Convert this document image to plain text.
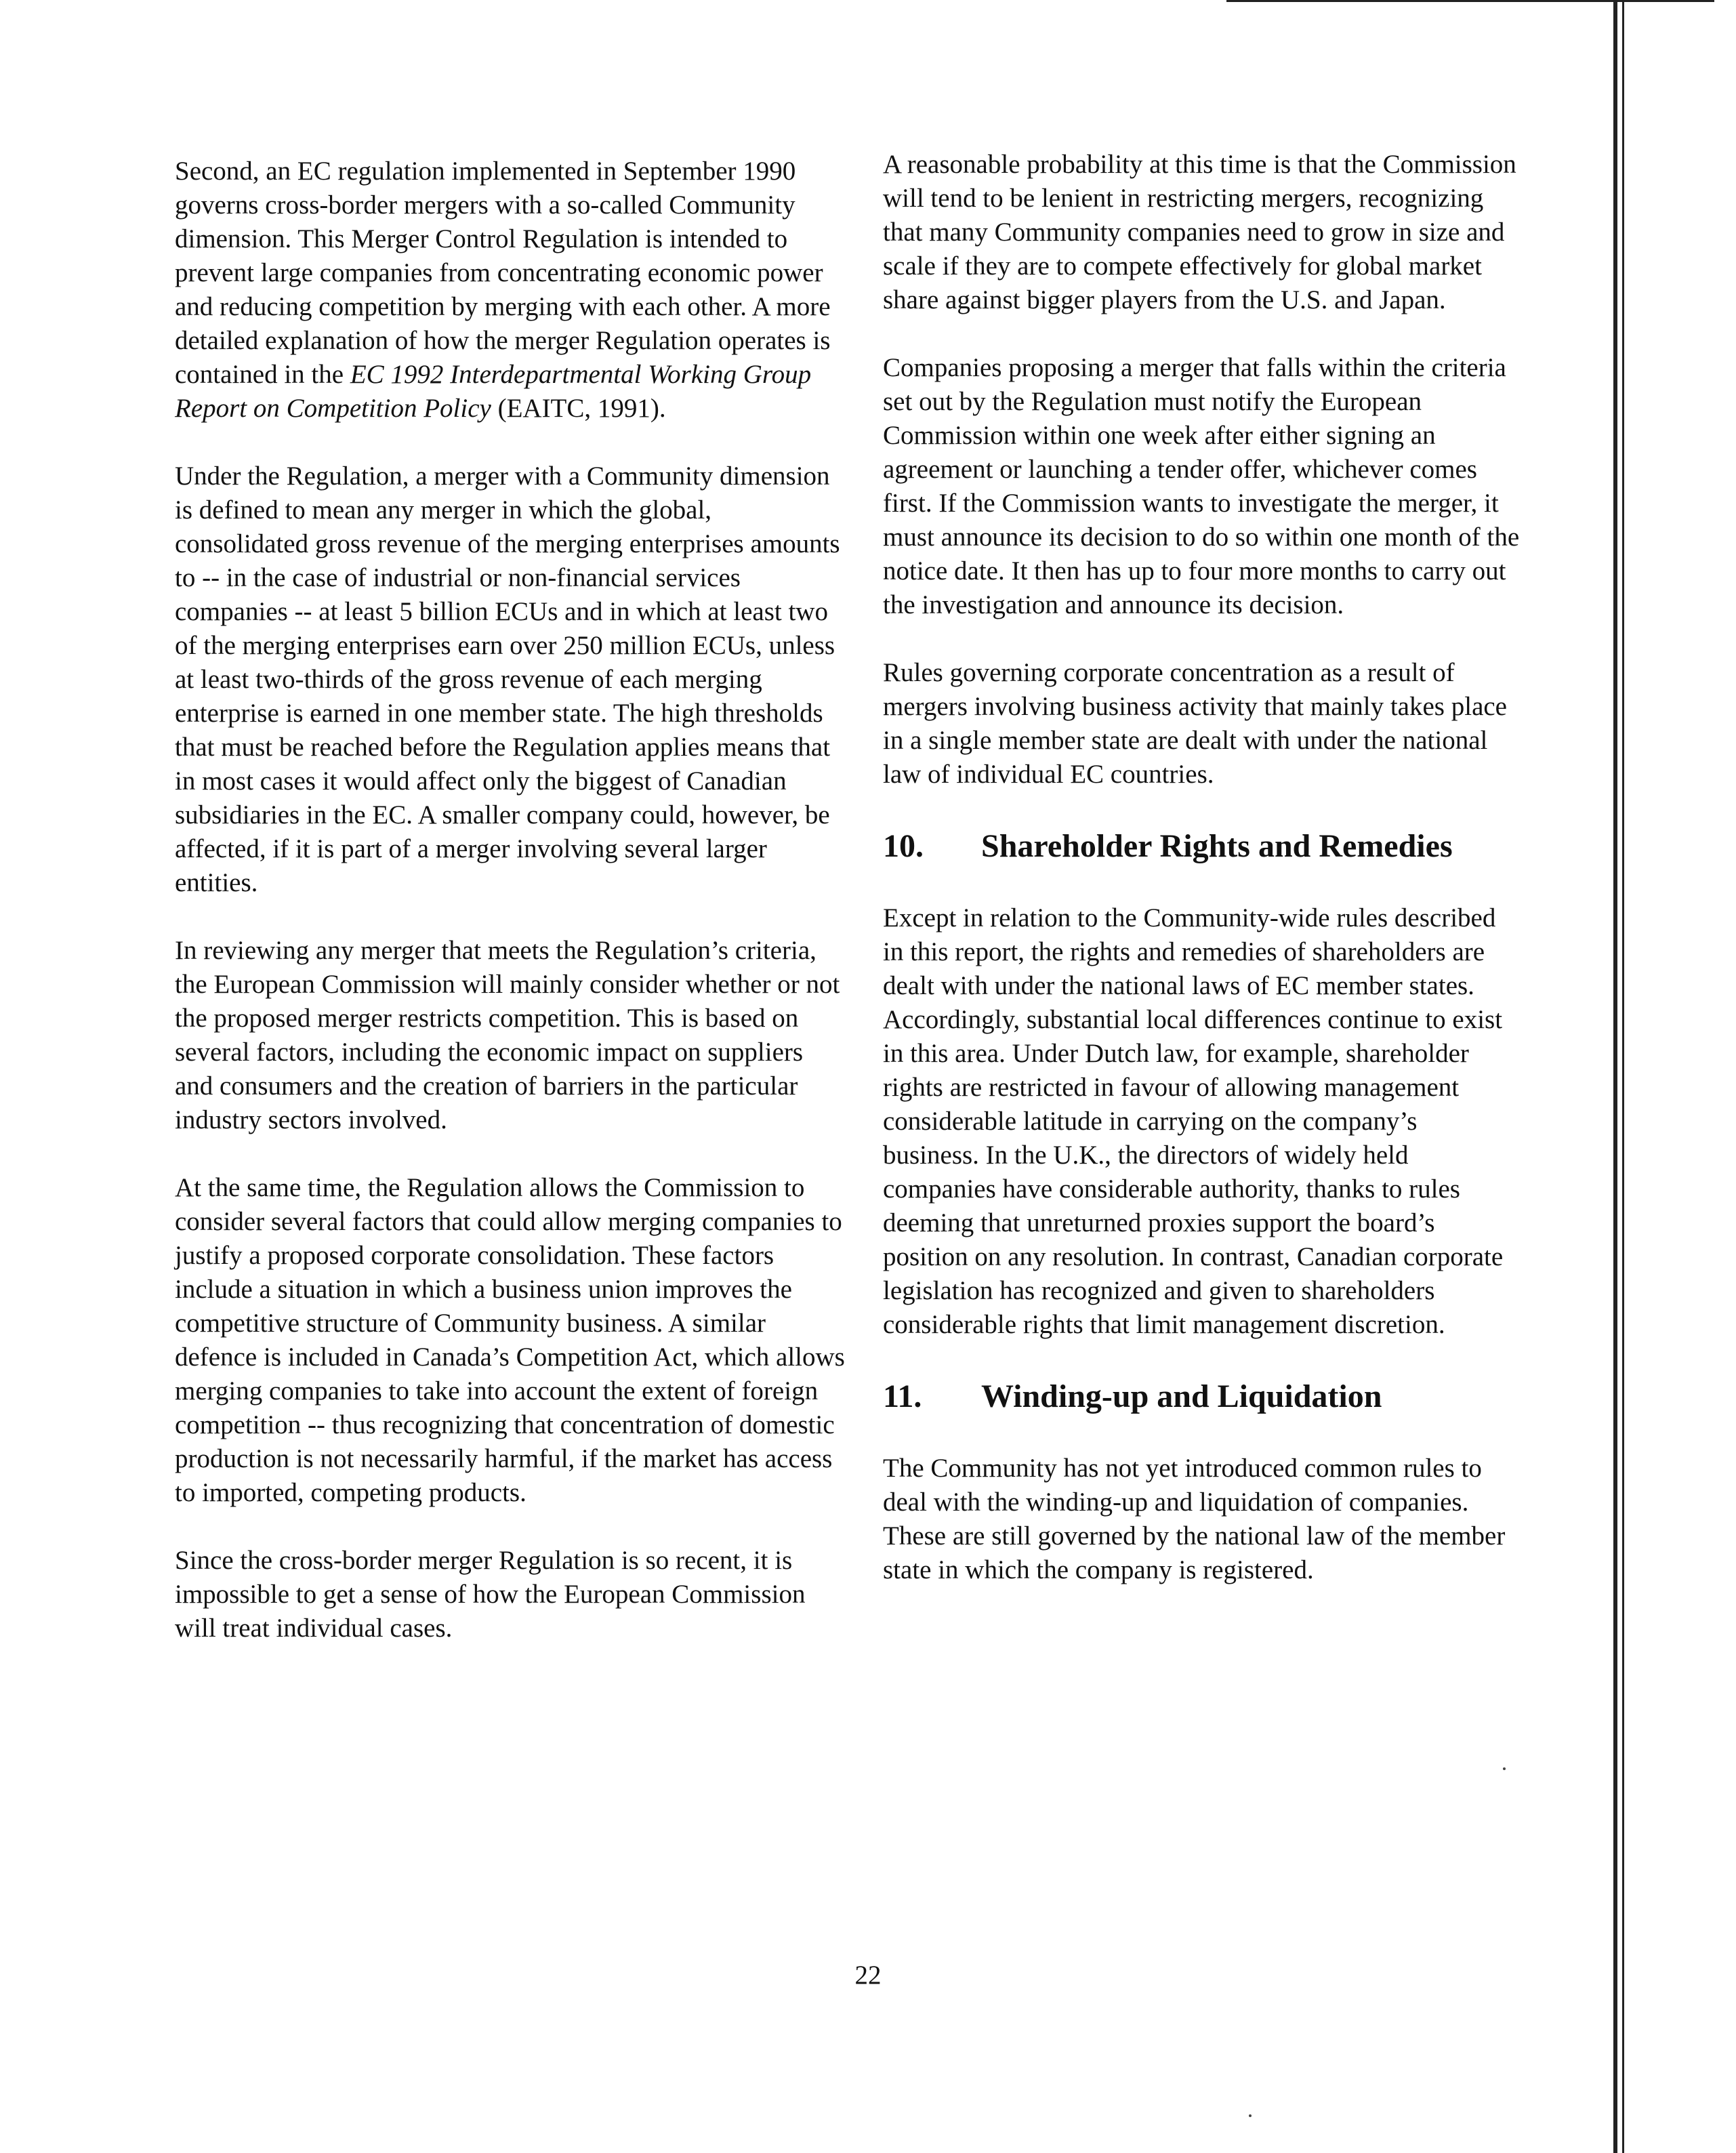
Second, an EC regulation implemented in September 1990 governs cross-border mergers with a so-called Community dimension. This Merger Control Regulation is intended to prevent large companies from concentrating economic power and reducing competition by merging with each other. A more detailed explanation of how the merger Regulation operates is contained in the EC 1992 Interdepartmental Working Group Report on Competition Policy (EAITC, 1991).

Under the Regulation, a merger with a Community dimension is defined to mean any merger in which the global, consolidated gross revenue of the merging enterprises amounts to -- in the case of industrial or non-financial services companies -- at least 5 billion ECUs and in which at least two of the merging enterprises earn over 250 million ECUs, unless at least two-thirds of the gross revenue of each merging enterprise is earned in one member state. The high thresholds that must be reached before the Regulation applies means that in most cases it would affect only the biggest of Canadian subsidiaries in the EC. A smaller company could, however, be affected, if it is part of a merger involving several larger entities.

In reviewing any merger that meets the Regulation’s criteria, the European Commission will mainly consider whether or not the proposed merger restricts competition. This is based on several factors, including the economic impact on suppliers and consumers and the creation of barriers in the particular industry sectors involved.

At the same time, the Regulation allows the Commission to consider several factors that could allow merging companies to justify a proposed corporate consolidation. These factors include a situation in which a business union improves the competitive structure of Community business. A similar defence is included in Canada’s Competition Act, which allows merging companies to take into account the extent of foreign competition -- thus recognizing that concentration of domestic production is not necessarily harmful, if the market has access to imported, competing products.

Since the cross-border merger Regulation is so recent, it is impossible to get a sense of how the European Commission will treat individual cases.

A reasonable probability at this time is that the Commission will tend to be lenient in restricting mergers, recognizing that many Community companies need to grow in size and scale if they are to compete effectively for global market share against bigger players from the U.S. and Japan.

Companies proposing a merger that falls within the criteria set out by the Regulation must notify the European Commission within one week after either signing an agreement or launching a tender offer, whichever comes first. If the Commission wants to investigate the merger, it must announce its decision to do so within one month of the notice date. It then has up to four more months to carry out the investigation and announce its decision.

Rules governing corporate concentration as a result of mergers involving business activity that mainly takes place in a single member state are dealt with under the national law of individual EC countries.

10.	Shareholder Rights and Remedies

Except in relation to the Community-wide rules described in this report, the rights and remedies of shareholders are dealt with under the national laws of EC member states. Accordingly, substantial local differences continue to exist in this area. Under Dutch law, for example, shareholder rights are restricted in favour of allowing management considerable latitude in carrying on the company’s business. In the U.K., the directors of widely held companies have considerable authority, thanks to rules deeming that unreturned proxies support the board’s position on any resolution. In contrast, Canadian corporate legislation has recognized and given to shareholders considerable rights that limit management discretion.

11.	Winding-up and Liquidation

The Community has not yet introduced common rules to deal with the winding-up and liquidation of companies. These are still governed by the national law of the member state in which the company is registered.

22
